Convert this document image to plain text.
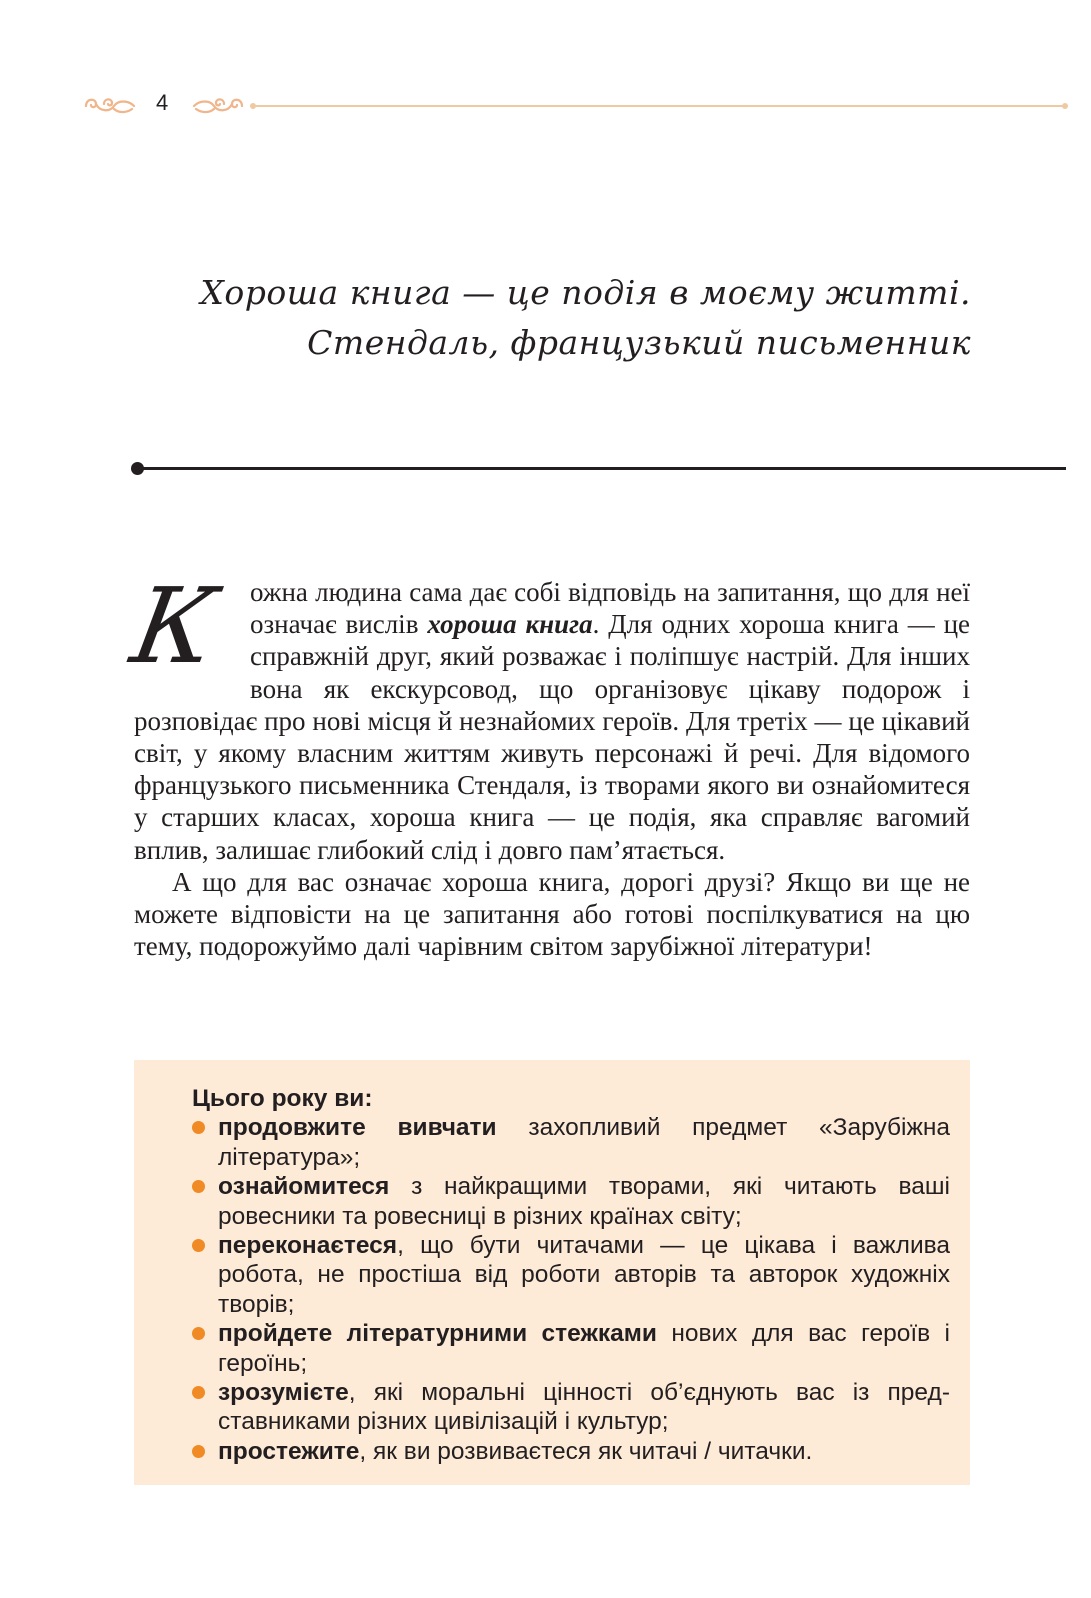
4
Хороша книга — це подія в моєму житті.
Стендаль, французький письменник

Кожна людина сама дає собі відповідь на запитання, що для неї означає вислів хороша книга. Для одних хороша книга — це справжній друг, який розважає і поліпшує настрій. Для інших вона як екскурсовод, що організовує цікаву подорож і розповідає про нові місця й незнайомих героїв. Для третіх — це цікавий світ, у якому власним життям живуть персонажі й речі. Для відомого французького письменника Стендаля, із творами якого ви ознайомитеся у старших класах, хороша книга — це подія, яка справляє вагомий вплив, залишає глибокий слід і довго пам’ятається.

А що для вас означає хороша книга, дорогі друзі? Якщо ви ще не можете відповісти на це запитання або готові поспілкуватися на цю тему, подорожуймо далі чарівним світом зарубіжної літератури!

Цього року ви:
продовжите вивчати захопливий предмет «Зарубіжна література»;
ознайомитеся з найкращими творами, які читають ваші ровесники та ровесниці в різних країнах світу;
переконаєтеся, що бути читачами — це цікава і важлива робота, не простіша від роботи авторів та авторок художніх творів;
пройдете літературними стежками нових для вас героїв і героїнь;
зрозумієте, які моральні цінності об’єднують вас із представниками різних цивілізацій і культур;
простежите, як ви розвиваєтеся як читачі / читачки.
